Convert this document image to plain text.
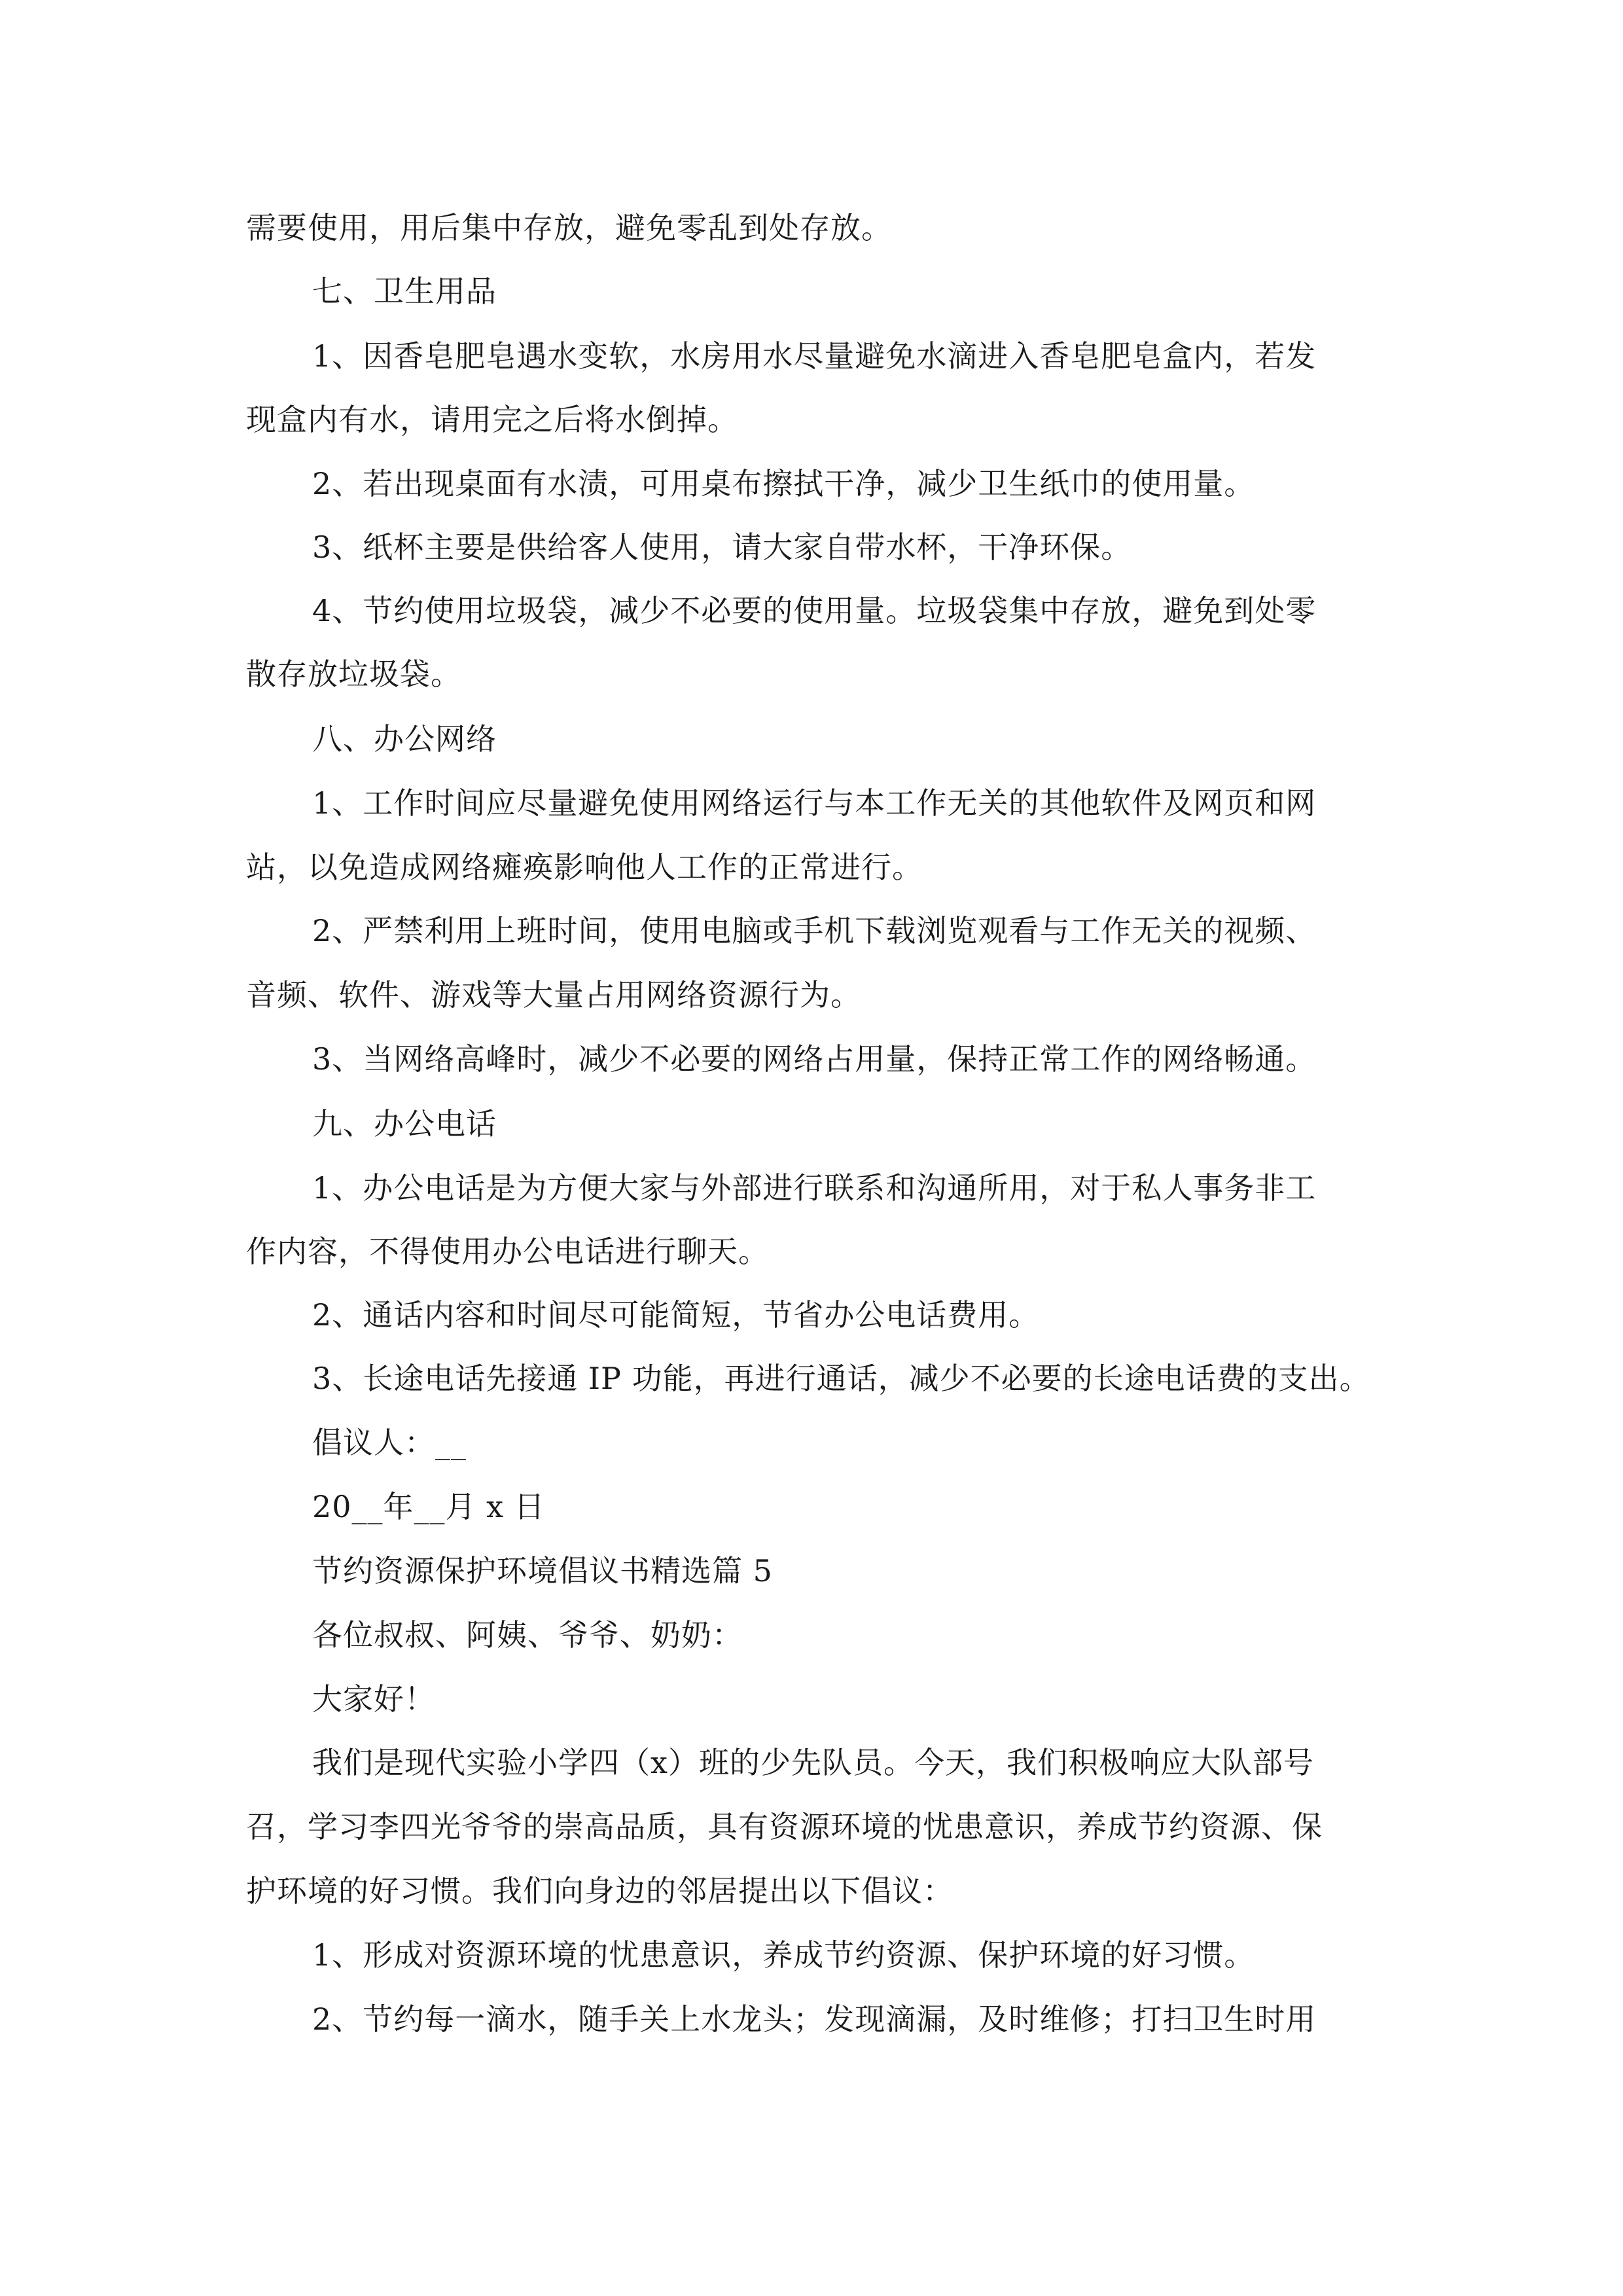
需要使用，用后集中存放，避免零乱到处存放。
七、卫生用品
1、因香皂肥皂遇水变软，水房用水尽量避免水滴进入香皂肥皂盒内，若发
现盒内有水，请用完之后将水倒掉。
2、若出现桌面有水渍，可用桌布擦拭干净，减少卫生纸巾的使用量。
3、纸杯主要是供给客人使用，请大家自带水杯，干净环保。
4、节约使用垃圾袋，减少不必要的使用量。垃圾袋集中存放，避免到处零
散存放垃圾袋。
八、办公网络
1、工作时间应尽量避免使用网络运行与本工作无关的其他软件及网页和网
站，以免造成网络瘫痪影响他人工作的正常进行。
2、严禁利用上班时间，使用电脑或手机下载浏览观看与工作无关的视频、
音频、软件、游戏等大量占用网络资源行为。
3、当网络高峰时，减少不必要的网络占用量，保持正常工作的网络畅通。
九、办公电话
1、办公电话是为方便大家与外部进行联系和沟通所用，对于私人事务非工
作内容，不得使用办公电话进行聊天。
2、通话内容和时间尽可能简短，节省办公电话费用。
3、长途电话先接通 IP 功能，再进行通话，减少不必要的长途电话费的支出。
倡议人：__
20__年__月 x 日
节约资源保护环境倡议书精选篇 5
各位叔叔、阿姨、爷爷、奶奶：
大家好！
我们是现代实验小学四（x）班的少先队员。今天，我们积极响应大队部号
召，学习李四光爷爷的崇高品质，具有资源环境的忧患意识，养成节约资源、保
护环境的好习惯。我们向身边的邻居提出以下倡议：
1、形成对资源环境的忧患意识，养成节约资源、保护环境的好习惯。
2、节约每一滴水，随手关上水龙头；发现滴漏，及时维修；打扫卫生时用
